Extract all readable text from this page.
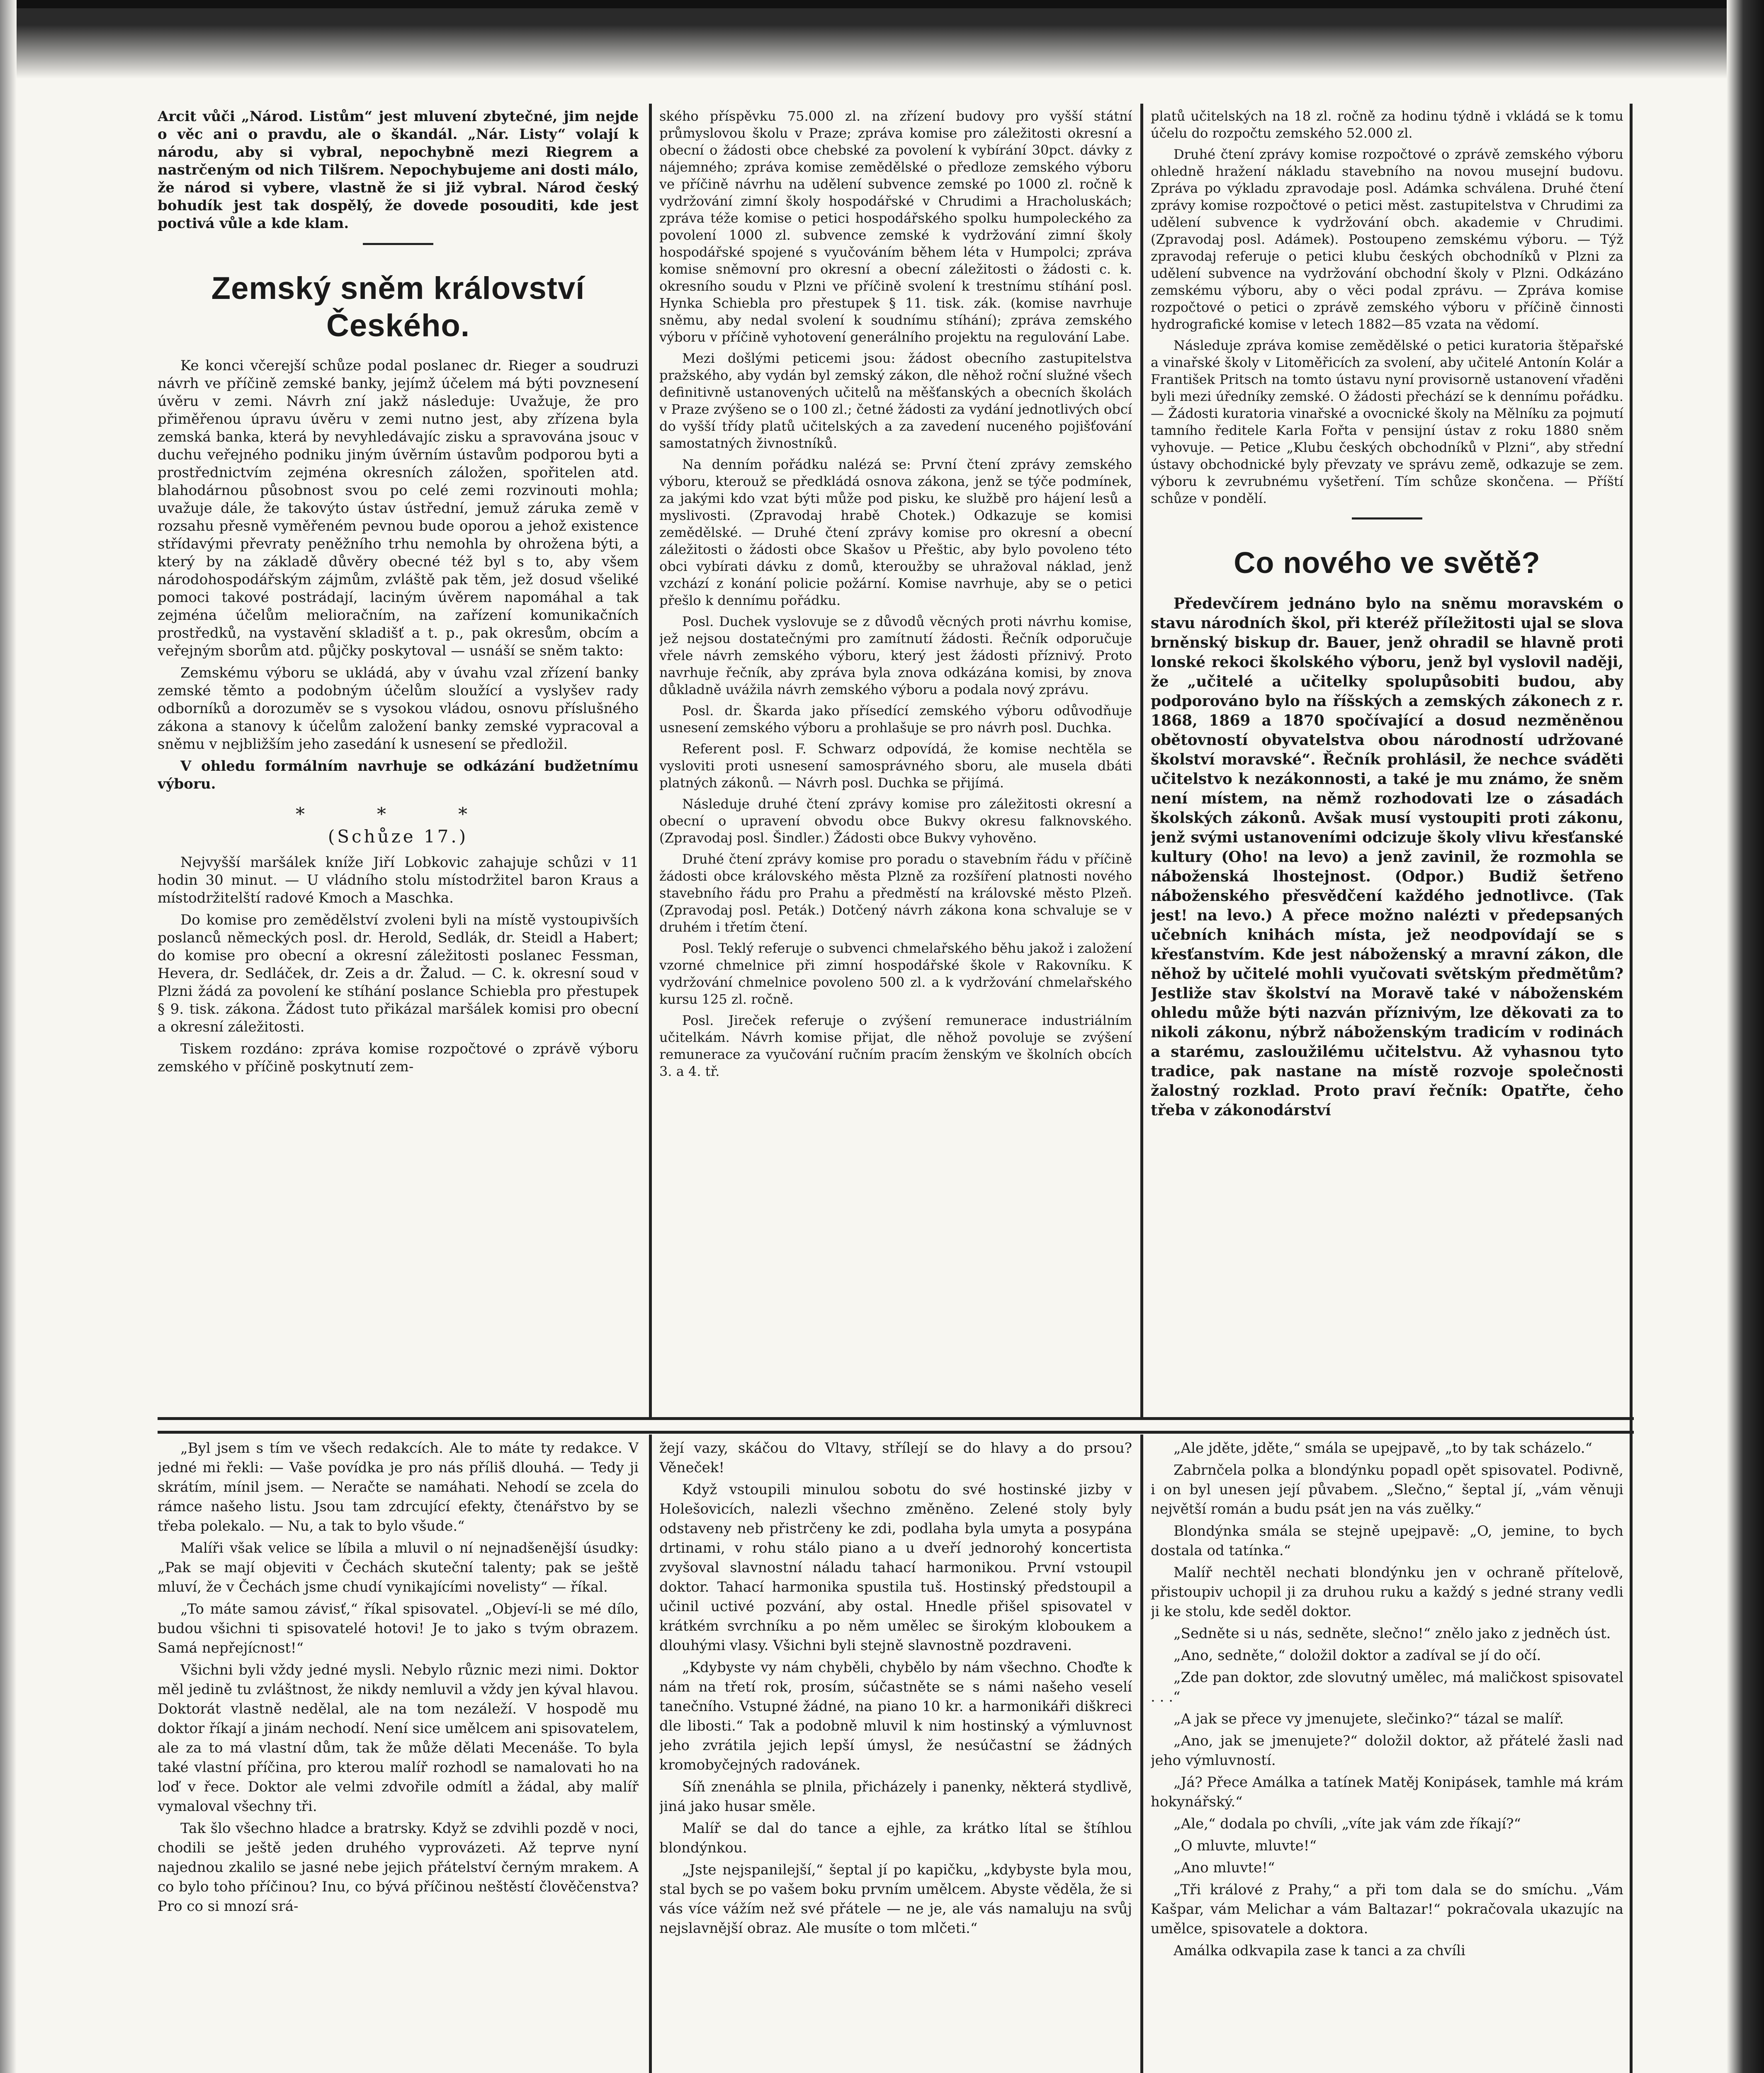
Arcit vůči „Národ. Listům“ jest mluvení zbytečné, jim nejde o věc ani o pravdu, ale o škandál. „Nár. Listy“ volají k národu, aby si vybral, nepochybně mezi Riegrem a nastrčeným od nich Tilšrem. Nepochybujeme ani dosti málo, že národ si vybere, vlastně že si již vybral. Národ český bohudík jest tak dospělý, že dovede posouditi, kde jest poctivá vůle a kde klam.

Zemský sněm království Českého.

Ke konci včerejší schůze podal poslanec dr. Rieger a soudruzi návrh ve příčině zemské banky, jejímž účelem má býti povznesení úvěru v zemi. Návrh zní jakž následuje: Uvažuje, že pro přiměřenou úpravu úvěru v zemi nutno jest, aby zřízena byla zemská banka, která by nevyhledávajíc zisku a spravována jsouc v duchu veřejného podniku jiným úvěrním ústavům podporou byti a prostřednictvím zejména okresních záložen, spořitelen atd. blahodárnou působnost svou po celé zemi rozvinouti mohla; uvažuje dále, že takovýto ústav ústřední, jemuž záruka země v rozsahu přesně vyměřeném pevnou bude oporou a jehož existence střídavými převraty peněžního trhu nemohla by ohrožena býti, a který by na základě důvěry obecné též byl s to, aby všem národohospodářským zájmům, zvláště pak těm, jež dosud všeliké pomoci takové postrádají, laciným úvěrem napomáhal a tak zejména účelům melioračním, na zařízení komunikačních prostředků, na vystavění skladišť a t. p., pak okresům, obcím a veřejným sborům atd. půjčky poskytoval — usnáší se sněm takto:

Zemskému výboru se ukládá, aby v úvahu vzal zřízení banky zemské těmto a podobným účelům sloužící a vyslyšev rady odborníků a dorozuměv se s vysokou vládou, osnovu příslušného zákona a stanovy k účelům založení banky zemské vypracoval a sněmu v nejbližším jeho zasedání k usnesení se předložil.

V ohledu formálním navrhuje se odkázání budžetnímu výboru.

* * *
(Schůze 17.)

Nejvyšší maršálek kníže Jiří Lobkovic zahajuje schůzi v 11 hodin 30 minut. — U vládního stolu místodržitel baron Kraus a místodržitelští radové Kmoch a Maschka.

Do komise pro zemědělství zvoleni byli na místě vystoupivších poslanců německých posl. dr. Herold, Sedlák, dr. Steidl a Habert; do komise pro obecní a okresní záležitosti poslanec Fessman, Hevera, dr. Sedláček, dr. Zeis a dr. Žalud. — C. k. okresní soud v Plzni žádá za povolení ke stíhání poslance Schiebla pro přestupek § 9. tisk. zákona. Žádost tuto přikázal maršálek komisi pro obecní a okresní záležitosti.

Tiskem rozdáno: zpráva komise rozpočtové o zprávě výboru zemského v příčině poskytnutí zem-

ského příspěvku 75.000 zl. na zřízení budovy pro vyšší státní průmyslovou školu v Praze; zpráva komise pro záležitosti okresní a obecní o žádosti obce chebské za povolení k vybírání 30pct. dávky z nájemného; zpráva komise zemědělské o předloze zemského výboru ve příčině návrhu na udělení subvence zemské po 1000 zl. ročně k vydržování zimní školy hospodářské v Chrudimi a Hracholuskách; zpráva téže komise o petici hospodářského spolku humpoleckého za povolení 1000 zl. subvence zemské k vydržování zimní školy hospodářské spojené s vyučováním během léta v Humpolci; zpráva komise sněmovní pro okresní a obecní záležitosti o žádosti c. k. okresního soudu v Plzni ve příčině svolení k trestnímu stíhání posl. Hynka Schiebla pro přestupek § 11. tisk. zák. (komise navrhuje sněmu, aby nedal svolení k soudnímu stíhání); zpráva zemského výboru v příčině vyhotovení generálního projektu na regulování Labe.

Mezi došlými peticemi jsou: žádost obecního zastupitelstva pražského, aby vydán byl zemský zákon, dle něhož roční služné všech definitivně ustanovených učitelů na měšťanských a obecních školách v Praze zvýšeno se o 100 zl.; četné žádosti za vydání jednotlivých obcí do vyšší třídy platů učitelských a za zavedení nuceného pojišťování samostatných živnostníků.

Na denním pořádku nalézá se: První čtení zprávy zemského výboru, kterouž se předkládá osnova zákona, jenž se týče podmínek, za jakými kdo vzat býti může pod pisku, ke službě pro hájení lesů a myslivosti. (Zpravodaj hrabě Chotek.) Odkazuje se komisi zemědělské. — Druhé čtení zprávy komise pro okresní a obecní záležitosti o žádosti obce Skašov u Přeštic, aby bylo povoleno této obci vybírati dávku z domů, kteroužby se uhražoval náklad, jenž vzchází z konání policie požární. Komise navrhuje, aby se o petici přešlo k dennímu pořádku.

Posl. Duchek vyslovuje se z důvodů věcných proti návrhu komise, jež nejsou dostatečnými pro zamítnutí žádosti. Řečník odporučuje vřele návrh zemského výboru, který jest žádosti příznivý. Proto navrhuje řečník, aby zpráva byla znova odkázána komisi, by znova důkladně uvážila návrh zemského výboru a podala nový zprávu.

Posl. dr. Škarda jako přísedící zemského výboru odůvodňuje usnesení zemského výboru a prohlašuje se pro návrh posl. Duchka.

Referent posl. F. Schwarz odpovídá, že komise nechtěla se vysloviti proti usnesení samosprávného sboru, ale musela dbáti platných zákonů. — Návrh posl. Duchka se přijímá.

Následuje druhé čtení zprávy komise pro záležitosti okresní a obecní o upravení obvodu obce Bukvy okresu falknovského. (Zpravodaj posl. Šindler.) Žádosti obce Bukvy vyhověno.

Druhé čtení zprávy komise pro poradu o stavebním řádu v příčině žádosti obce královského města Plzně za rozšíření platnosti nového stavebního řádu pro Prahu a předměstí na královské město Plzeň. (Zpravodaj posl. Peták.) Dotčený návrh zákona kona schvaluje se v druhém i třetím čtení.

Posl. Teklý referuje o subvenci chmelařského běhu jakož i založení vzorné chmelnice při zimní hospodářské škole v Rakovníku. K vydržování chmelnice povoleno 500 zl. a k vydržování chmelařského kursu 125 zl. ročně.

Posl. Jireček referuje o zvýšení remunerace industriálním učitelkám. Návrh komise přijat, dle něhož povoluje se zvýšení remunerace za vyučování ručním pracím ženským ve školních obcích 3. a 4. tř.

platů učitelských na 18 zl. ročně za hodinu týdně i vkládá se k tomu účelu do rozpočtu zemského 52.000 zl.

Druhé čtení zprávy komise rozpočtové o zprávě zemského výboru ohledně hražení nákladu stavebního na novou musejní budovu. Zpráva po výkladu zpravodaje posl. Adámka schválena. Druhé čtení zprávy komise rozpočtové o petici měst. zastupitelstva v Chrudimi za udělení subvence k vydržování obch. akademie v Chrudimi. (Zpravodaj posl. Adámek). Postoupeno zemskému výboru. — Týž zpravodaj referuje o petici klubu českých obchodníků v Plzni za udělení subvence na vydržování obchodní školy v Plzni. Odkázáno zemskému výboru, aby o věci podal zprávu. — Zpráva komise rozpočtové o petici o zprávě zemského výboru v příčině činnosti hydrografické komise v letech 1882—85 vzata na vědomí.

Následuje zpráva komise zemědělské o petici kuratoria štěpařské a vinařské školy v Litoměřicích za svolení, aby učitelé Antonín Kolár a František Pritsch na tomto ústavu nyní provisorně ustanovení vřaděni byli mezi úředníky zemské. O žádosti přechází se k dennímu pořádku. — Žádosti kuratoria vinařské a ovocnické školy na Mělníku za pojmutí tamního ředitele Karla Fořta v pensijní ústav z roku 1880 sněm vyhovuje. — Petice „Klubu českých obchodníků v Plzni“, aby střední ústavy obchodnické byly převzaty ve správu země, odkazuje se zem. výboru k zevrubnému vyšetření. Tím schůze skončena. — Příští schůze v pondělí.

Co nového ve světě?

Předevčírem jednáno bylo na sněmu moravském o stavu národních škol, při kteréž příležitosti ujal se slova brněnský biskup dr. Bauer, jenž ohradil se hlavně proti lonské rekoci školského výboru, jenž byl vyslovil naději, že „učitelé a učitelky spolupůsobiti budou, aby podporováno bylo na říšských a zemských zákonech z r. 1868, 1869 a 1870 spočívající a dosud nezměněnou obětovností obyvatelstva obou národností udržované školství moravské“. Řečník prohlásil, že nechce sváděti učitelstvo k nezákonnosti, a také je mu známo, že sněm není místem, na němž rozhodovati lze o zásadách školských zákonů. Avšak musí vystoupiti proti zákonu, jenž svými ustanoveními odcizuje školy vlivu křesťanské kultury (Oho! na levo) a jenž zavinil, že rozmohla se náboženská lhostejnost. (Odpor.) Budiž šetřeno náboženského přesvědčení každého jednotlivce. (Tak jest! na levo.) A přece možno nalézti v předepsaných učebních knihách místa, jež neodpovídají se s křesťanstvím. Kde jest náboženský a mravní zákon, dle něhož by učitelé mohli vyučovati světským předmětům? Jestliže stav školství na Moravě také v náboženském ohledu může býti nazván příznivým, lze děkovati za to nikoli zákonu, nýbrž náboženským tradicím v rodinách a starému, zasloužilému učitelstvu. Až vyhasnou tyto tradice, pak nastane na místě rozvoje společnosti žalostný rozklad. Proto praví řečník: Opatřte, čeho třeba v zákonodárství

„Byl jsem s tím ve všech redakcích. Ale to máte ty redakce. V jedné mi řekli: — Vaše povídka je pro nás příliš dlouhá. — Tedy ji skrátím, mínil jsem. — Neračte se namáhati. Nehodí se zcela do rámce našeho listu. Jsou tam zdrcující efekty, čtenářstvo by se třeba polekalo. — Nu, a tak to bylo všude.“

Malíři však velice se líbila a mluvil o ní nejnadšenější úsudky: „Pak se mají objeviti v Čechách skuteční talenty; pak se ještě mluví, že v Čechách jsme chudí vynikajícími novelisty“ — říkal.

„To máte samou závisť,“ říkal spisovatel. „Objeví-li se mé dílo, budou všichni ti spisovatelé hotovi! Je to jako s tvým obrazem. Samá nepřejícnost!“

Všichni byli vždy jedné mysli. Nebylo různic mezi nimi. Doktor měl jedině tu zvláštnost, že nikdy nemluvil a vždy jen kýval hlavou. Doktorát vlastně nedělal, ale na tom nezáleží. V hospodě mu doktor říkají a jinám nechodí. Není sice umělcem ani spisovatelem, ale za to má vlastní dům, tak že může dělati Mecenáše. To byla také vlastní příčina, pro kterou malíř rozhodl se namalovati ho na loď v řece. Doktor ale velmi zdvořile odmítl a žádal, aby malíř vymaloval všechny tři.

Tak šlo všechno hladce a bratrsky. Když se zdvihli pozdě v noci, chodili se ještě jeden druhého vyprovázeti. Až teprve nyní najednou zkalilo se jasné nebe jejich přátelství černým mrakem. A co bylo toho příčinou? Inu, co bývá příčinou neštěstí člověčenstva? Pro co si mnozí srá-

žejí vazy, skáčou do Vltavy, střílejí se do hlavy a do prsou? Věneček!

Když vstoupili minulou sobotu do své hostinské jizby v Holešovicích, nalezli všechno změněno. Zelené stoly byly odstaveny neb přistrčeny ke zdi, podlaha byla umyta a posypána drtinami, v rohu stálo piano a u dveří jednorohý koncertista zvyšoval slavnostní náladu tahací harmonikou. První vstoupil doktor. Tahací harmonika spustila tuš. Hostinský předstoupil a učinil uctivé pozvání, aby ostal. Hnedle přišel spisovatel v krátkém svrchníku a po něm umělec se širokým kloboukem a dlouhými vlasy. Všichni byli stejně slavnostně pozdraveni.

„Kdybyste vy nám chyběli, chybělo by nám všechno. Choďte k nám na třetí rok, prosím, súčastněte se s námi našeho veselí tanečního. Vstupné žádné, na piano 10 kr. a harmonikáři diškreci dle libosti.“ Tak a podobně mluvil k nim hostinský a výmluvnost jeho zvrátila jejich lepší úmysl, že nesúčastní se žádných kromobyčejných radovánek.

Síň znenáhla se plnila, přicházely i panenky, některá stydlivě, jiná jako husar směle.

Malíř se dal do tance a ejhle, za krátko lítal se štíhlou blondýnkou.

„Jste nejspanilejší,“ šeptal jí po kapičku, „kdybyste byla mou, stal bych se po vašem boku prvním umělcem. Abyste věděla, že si vás více vážím než své přátele — ne je, ale vás namaluju na svůj nejslavnější obraz. Ale musíte o tom mlčeti.“

„Ale jděte, jděte,“ smála se upejpavě, „to by tak scházelo.“

Zabrnčela polka a blondýnku popadl opět spisovatel. Podivně, i on byl unesen její půvabem. „Slečno,“ šeptal jí, „vám věnuji největší román a budu psát jen na vás zuělky.“

Blondýnka smála se stejně upejpavě: „O, jemine, to bych dostala od tatínka.“

Malíř nechtěl nechati blondýnku jen v ochraně přítelově, přistoupiv uchopil ji za druhou ruku a každý s jedné strany vedli ji ke stolu, kde seděl doktor.

„Sedněte si u nás, sedněte, slečno!“ znělo jako z jedněch úst.

„Ano, sedněte,“ doložil doktor a zadíval se jí do očí.

„Zde pan doktor, zde slovutný umělec, má maličkost spisovatel . . .“

„A jak se přece vy jmenujete, slečinko?“ tázal se malíř.

„Ano, jak se jmenujete?“ doložil doktor, až přátelé žasli nad jeho výmluvností.

„Já? Přece Amálka a tatínek Matěj Konipásek, tamhle má krám hokynářský.“

„Ale,“ dodala po chvíli, „víte jak vám zde říkají?“

„O mluvte, mluvte!“

„Ano mluvte!“

„Tři králové z Prahy,“ a při tom dala se do smíchu. „Vám Kašpar, vám Melichar a vám Baltazar!“ pokračovala ukazujíc na umělce, spisovatele a doktora.

Amálka odkvapila zase k tanci a za chvíli
